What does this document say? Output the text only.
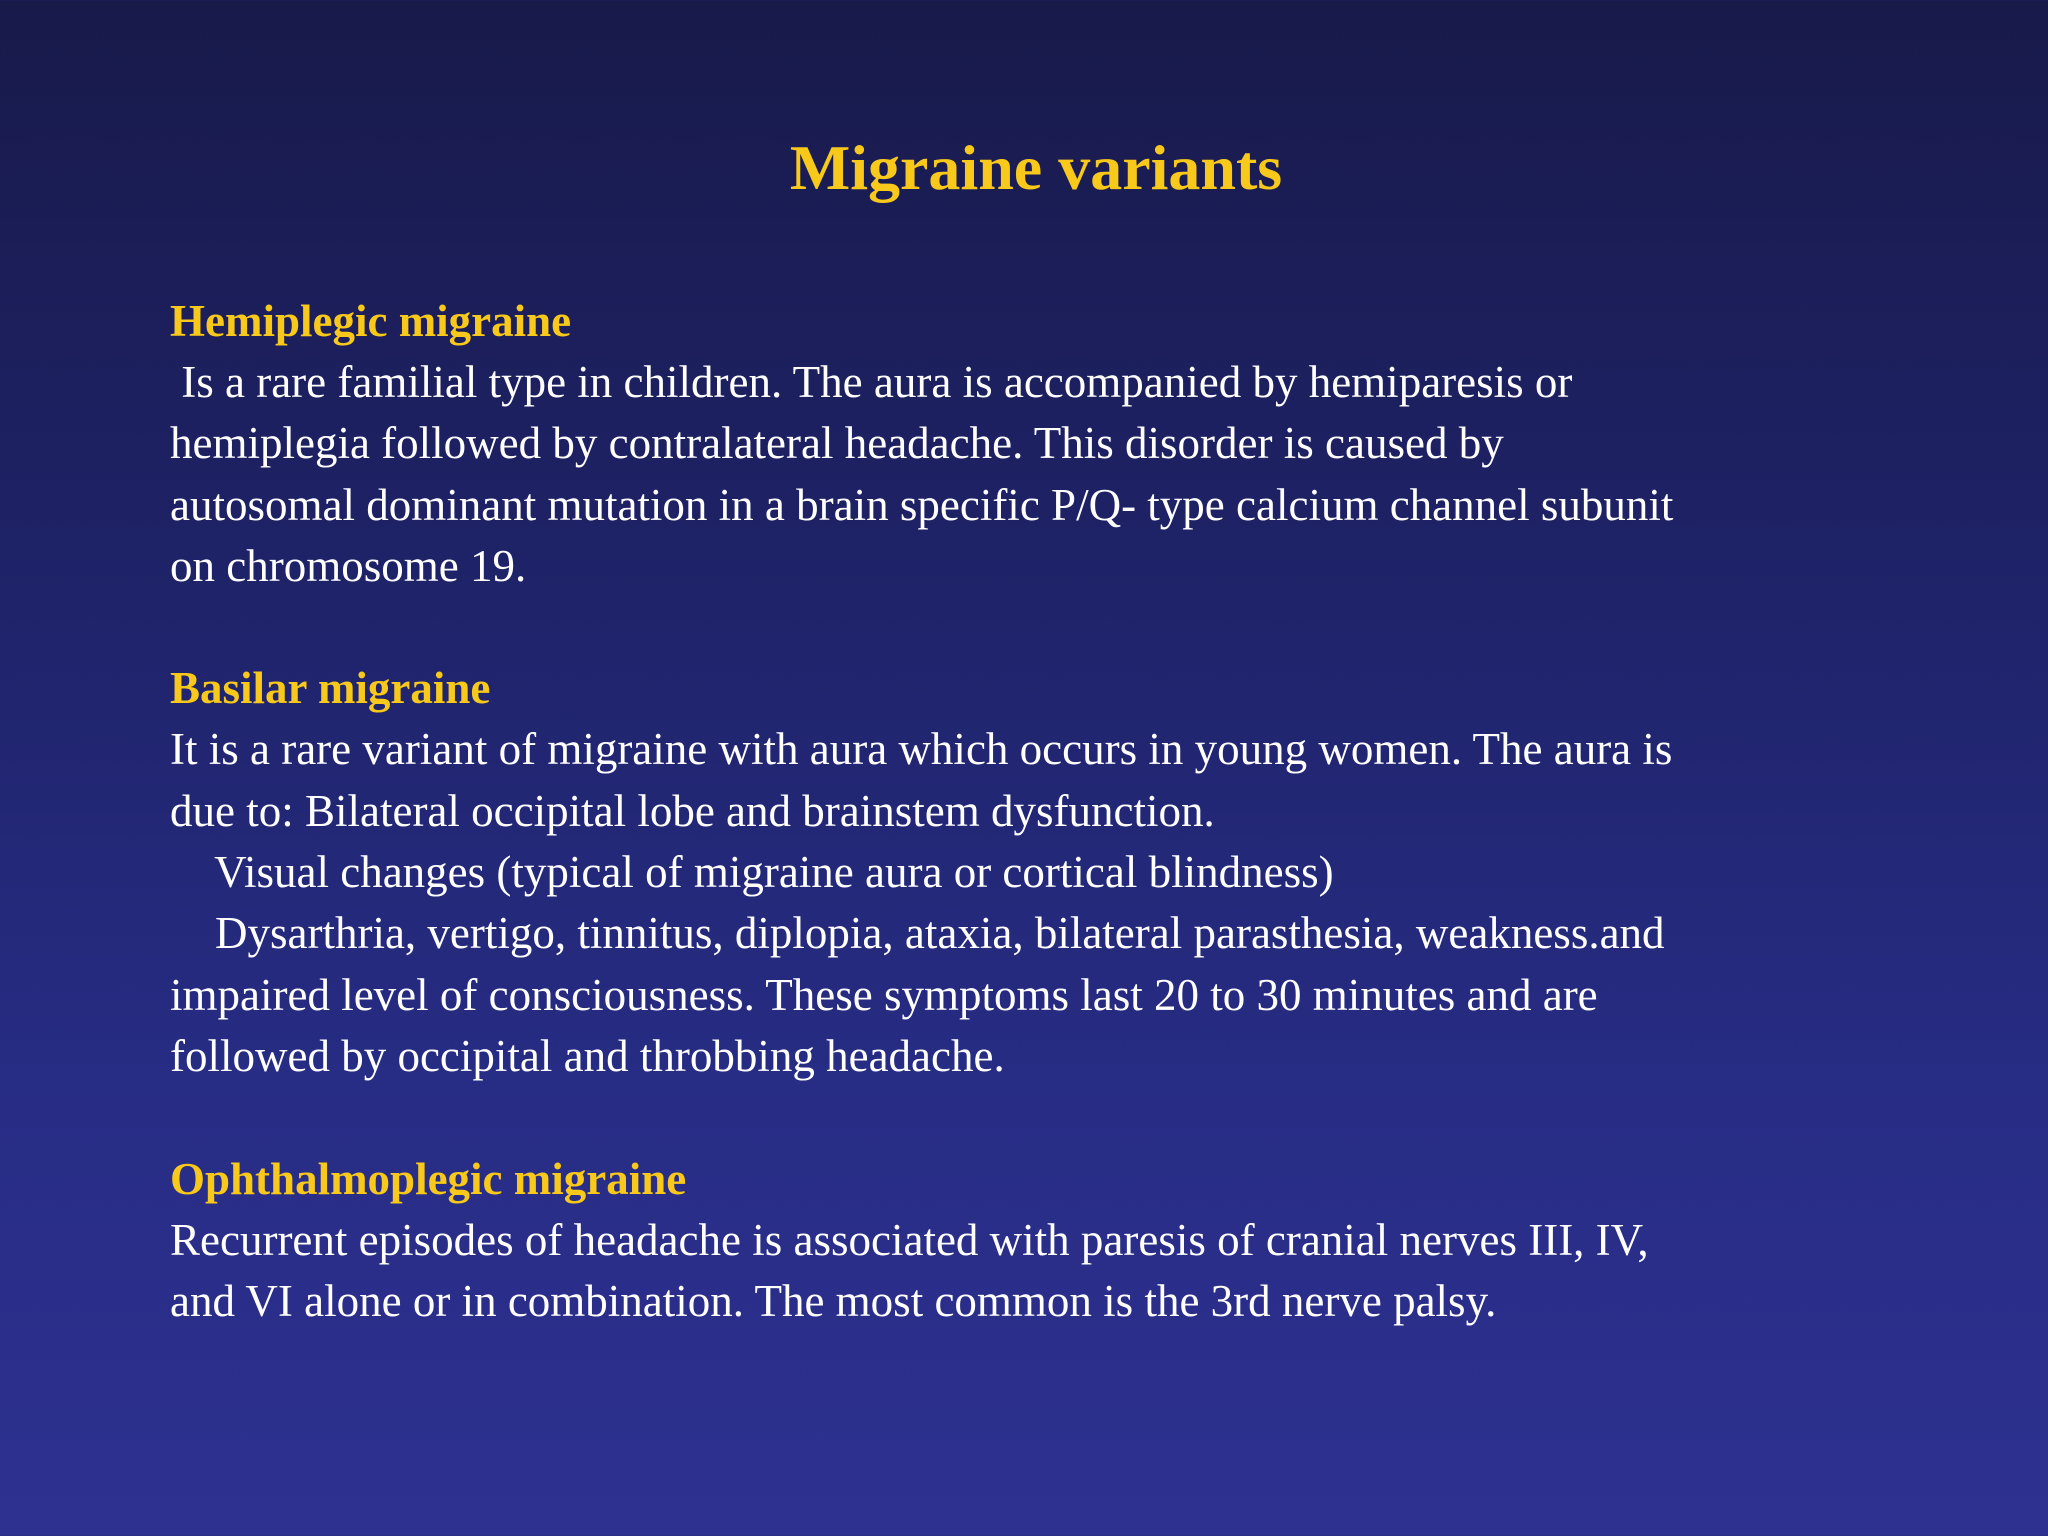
Migraine variants

Hemiplegic migraine

Is a rare familial type in children. The aura is accompanied by hemiparesis or

hemiplegia followed by contralateral headache. This disorder is caused by

autosomal dominant mutation in a brain specific P/Q- type calcium channel subunit

on chromosome 19.

Basilar migraine

It is a rare variant of migraine with aura which occurs in young women. The aura is

due to: Bilateral occipital lobe and brainstem dysfunction.

Visual changes (typical of migraine aura or cortical blindness)

Dysarthria, vertigo, tinnitus, diplopia, ataxia, bilateral parasthesia, weakness.and

impaired level of consciousness. These symptoms last 20 to 30 minutes and are

followed by occipital and throbbing headache.

Ophthalmoplegic migraine

Recurrent episodes of headache is associated with paresis of cranial nerves III, IV,

and VI alone or in combination. The most common is the 3rd nerve palsy.
